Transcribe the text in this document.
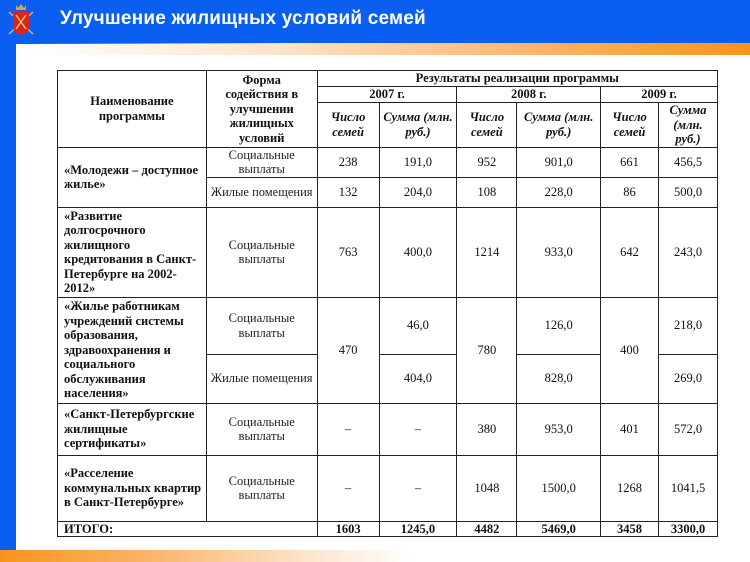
Улучшение жилищных условий семей
Наименование программы	Форма содействия в улучшении жилищных условий	Результаты реализации программы					
		2007 г.		2008 г.		2009 г.	
		Число семей	Сумма (млн. руб.)	Число семей	Сумма (млн. руб.)	Число семей	Сумма (млн. руб.)
«Молодежи – доступное жилье»	Социальные выплаты	238	191,0	952	901,0	661	456,5
	Жилые помещения	132	204,0	108	228,0	86	500,0
«Развитие долгосрочного жилищного кредитования в Санкт-Петербурге на 2002-2012»	Социальные выплаты	763	400,0	1214	933,0	642	243,0
«Жилье работникам учреждений системы образования, здравоохранения и социального обслуживания населения»	Социальные выплаты	470	46,0	780	126,0	400	218,0
	Жилые помещения		404,0		828,0		269,0
«Санкт-Петербургские жилищные сертификаты»	Социальные выплаты	–	–	380	953,0	401	572,0
«Расселение коммунальных квартир в Санкт-Петербурге»	Социальные выплаты	–	–	1048	1500,0	1268	1041,5
ИТОГО:		1603	1245,0	4482	5469,0	3458	3300,0
